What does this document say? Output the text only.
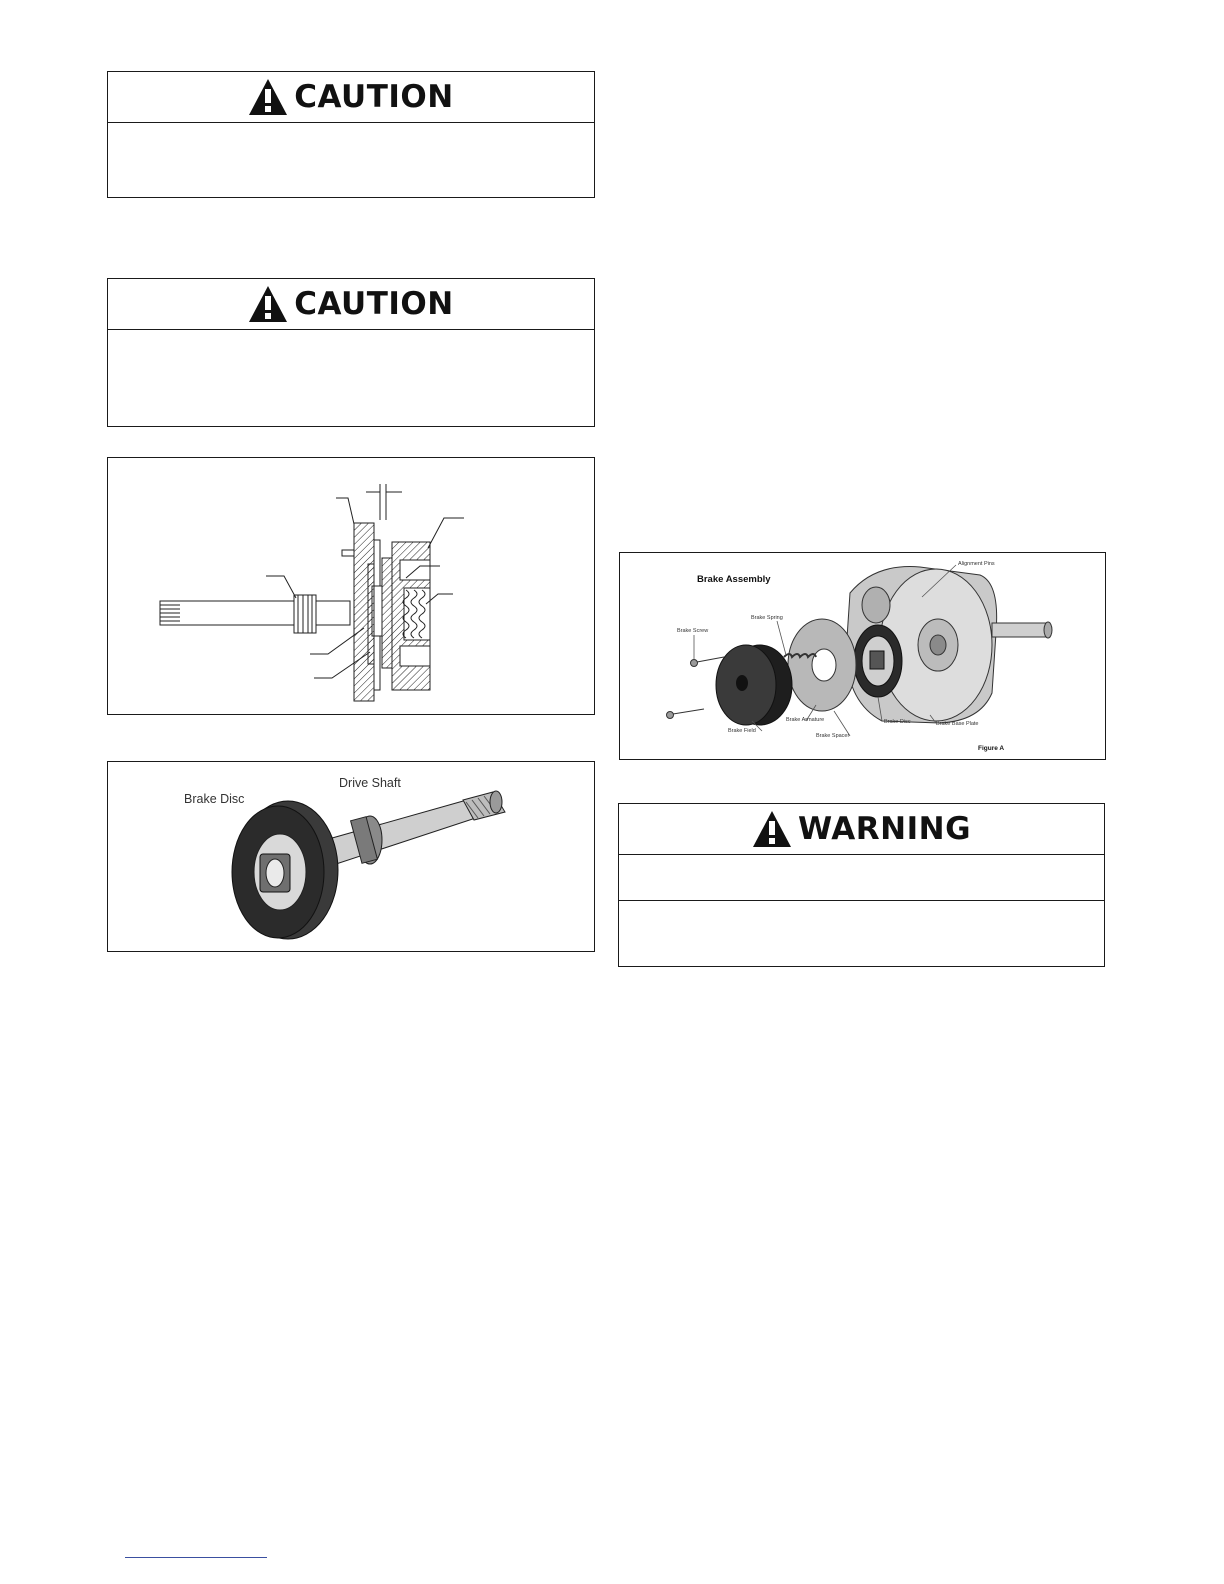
CAUTION
CAUTION
Brake Disc
Drive Shaft
Brake Assembly
Alignment Pins
Brake Spring
Brake Screw
Brake Armature
Brake Field
Brake Spacer
Brake Disc	Brake Base Plate
Figure A
WARNING
